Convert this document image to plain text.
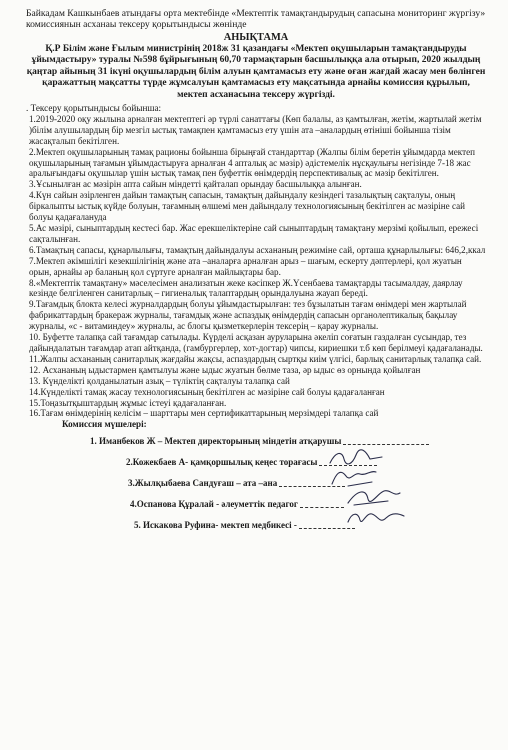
Байкадам Кашкынбаев атындағы орта мектебінде «Мектептік тамақтандырудың сапасына мониторинг жүргізу» комиссиянын асханаы тексеру қорытындысы жөнінде

АНЫҚТАМА

Қ.Р Білім және Ғылым министрінің 2018ж 31 қазандағы «Мектеп оқушыларын тамақтандыруды ұйымдастыру» туралы №598 бұйрығының 60,70 тармақтарын басшылыққа ала отырып, 2020 жылдың қаңтар айының 31 ікүні оқушылардың білім алуын қамтамасыз ету және оған жағдай жасау мен бөлінген қаражаттың мақсатты түрде жұмсалуын қамтамасыз ету мақсатында арнайы комиссия құрылып, мектеп асханасына тексеру жүргізді.

. Тексеру қорытындысы бойынша:

1.2019-2020 оқу жылына арналған мектептегі әр түрлі санаттағы (Көп балалы, аз қамтылған, жетім, жартылай жетім )білім алушылардың бір мезгіл ыстық тамақпен қамтамасыз ету үшін ата –аналардың өтініші бойынша тізім жасақталып бекітілген.

2.Мектеп оқушыларының тамақ рационы бойынша бірыңғай стандарттар (Жалпы білім беретін ұйымдарда мектеп оқушыларының тағамын ұйымдастыруға арналған 4 апталық ас мәзір) әдістемелік нұсқаулығы негізінде 7-18 жас аралығындағы оқушылар үшін ыстық тамақ пен буфеттік өнімдердің перспективалық ас мәзір бекітілген.

3.Ұсынылған ас мәзірін апта сайын міндетті қайталап орындау басшылыққа алынған.

4.Күн сайын әзірленген дайын тамақтың сапасын, тамақтың дайындалу кезіндегі тазалықтың сақталуы, оның біркалыпты ыстық күйде болуын, тағамның өлшемі мен дайындалу технологиясының бекітілген ас мәзіріне сай болуы қадағалануда

5.Ас мәзірі, сыныптардың кестесі бар. Жас ерекшеліктеріне сай сыныптардың тамақтану мерзімі қойылып, ережесі сақталынған.

6.Тамақтың сапасы, құнарлылығы, тамақтың дайындалуы асхананың режиміне сай, орташа құнарлылығы: 646,2,ккал

7.Мектеп әкімшілігі кезекшілігінің және ата –аналарға арналған арыз – шағым, ескерту дәптерлері, қол жуатын орын, арнайы әр баланың қол сүртуге арналған майлықтары бар.

8.«Мектептік тамақтану» мәселесімен анализатын жеке кәсіпкер Ж.Үсенбаева тамақтарды тасымалдау, даярлау кезінде белгіленген санитарлық – гигиеналық талаптардың орындалуына жауап береді.

9.Тағамдық блокта келесі журналдардың болуы ұйымдастырылған: тез бұзылатын тағам өнімдері мен жартылай фабрикаттардың бракераж журналы, тағамдық және аспаздық өнімдердің сапасын органолептикалық бақылау журналы, «с - витаминдеу» журналы, ас блогы қызметкерлерін тексерің – қарау журналы.

10. Буфетте талапқа сай тағамдар сатылады. Күрделі асқазан ауруларына әкеліп соғатын газдалған сусындар, тез дайындалатын тағамдар атап айтқанда, (гамбургерлер, хот-догтар) чипсы, кириешки т.б көп берілмеуі қадағаланады.

11.Жалпы асхананың санитарлық жағдайы жақсы, аспаздардың сыртқы киім үлгісі, барлық санитарлық талапқа сай.

12. Асхананың ыдыстармен қамтылуы және ыдыс жуатын бөлме таза, әр ыдыс өз орнында қойылған

13. Күнделікті қолданылатын азық – түліктің сақталуы талапқа сай

14.Күнделікті тамақ жасау технологиясының бекітілген ас мәзіріне сай болуы қадағаланған

15.Тоңазытқыштардың жұмыс істеуі қадағаланған.

16.Тағам өнімдерінің келісім – шарттары мен сертификаттарының мерзімдері талапқа сай

Комиссия мүшелері:

1. Иманбеков Ж – Мектеп директорының міндетін атқарушы
2.Кожекбаев А- қамқоршылық кеңес торағасы
3.Жылқыбаева Сандуғаш – ата –ана
4.Оспанова Құралай - әлеуметтік педагог
5. Искакова Руфина- мектеп медбикесі -
